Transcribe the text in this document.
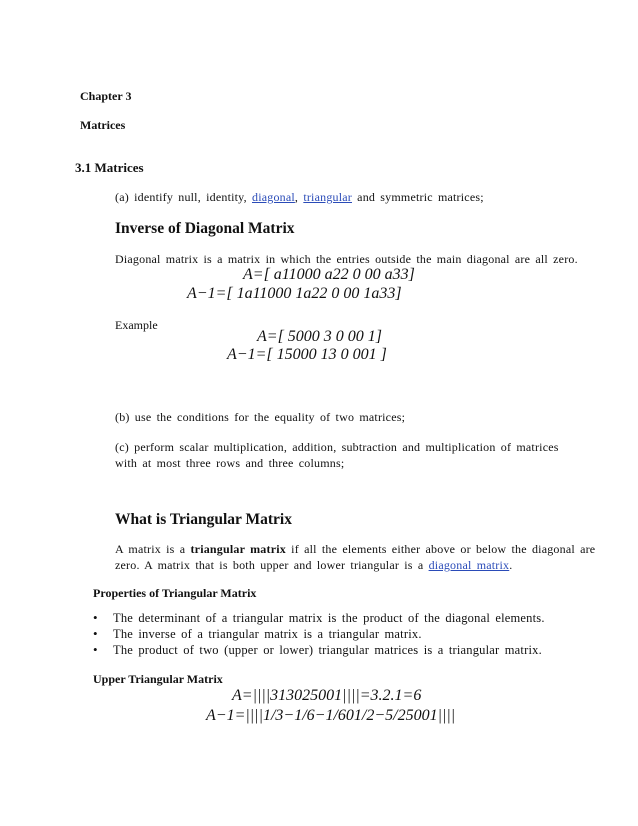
Chapter 3
Matrices
3.1 Matrices
(a) identify null, identity, diagonal, triangular and symmetric matrices;
Inverse of Diagonal Matrix
Diagonal matrix is a matrix in which the entries outside the main diagonal are all zero.
A=[ a11000 a22 0 00 a33]
A−1=[ 1a11000 1a22 0 00 1a33]
Example
A=[ 5000 3 0 00 1]
A−1=[ 15000 13 0 001 ]
(b) use the conditions for the equality of two matrices;
(c) perform scalar multiplication, addition, subtraction and multiplication of matrices
with at most three rows and three columns;
What is Triangular Matrix
A matrix is a triangular matrix if all the elements either above or below the diagonal are
zero. A matrix that is both upper and lower triangular is a diagonal matrix.
Properties of Triangular Matrix
• The determinant of a triangular matrix is the product of the diagonal elements.
• The inverse of a triangular matrix is a triangular matrix.
• The product of two (upper or lower) triangular matrices is a triangular matrix.
Upper Triangular Matrix
A=||||313025001||||=3.2.1=6
A−1=||||1/3−1/6−1/601/2−5/25001||||
